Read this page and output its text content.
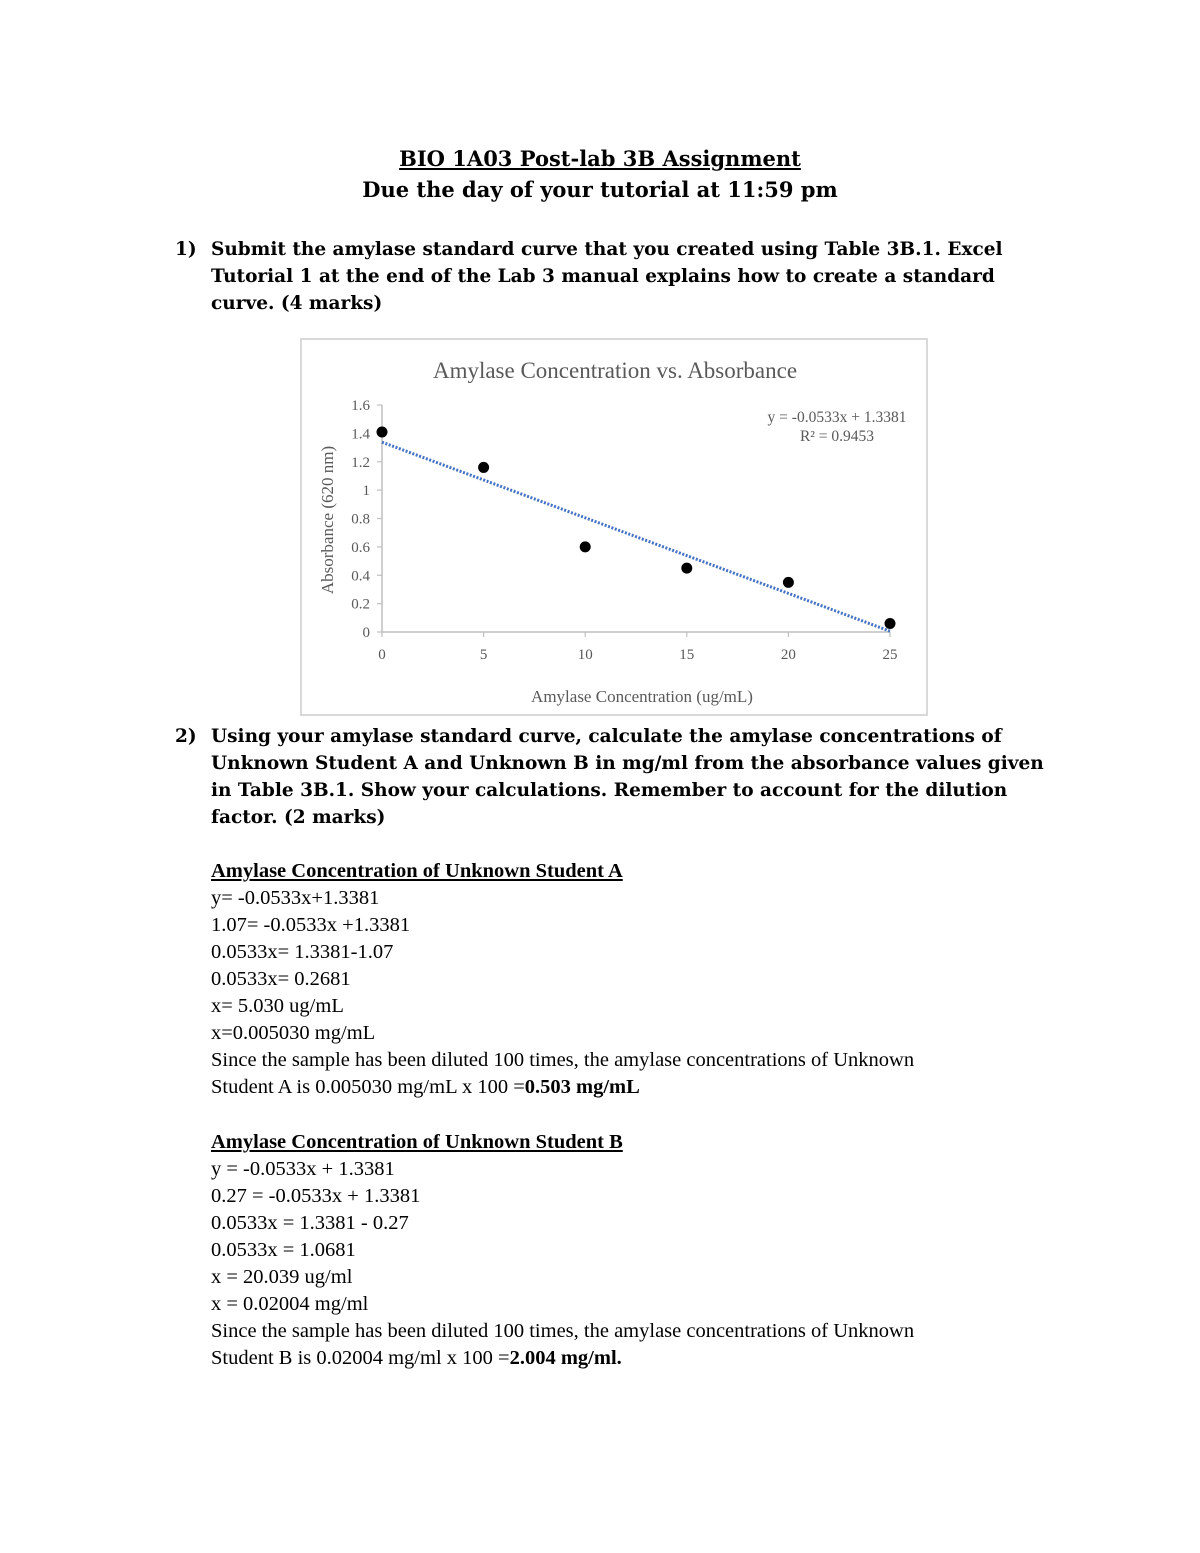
BIO 1A03 Post-lab 3B Assignment
Due the day of your tutorial at 11:59 pm
1) Submit the amylase standard curve that you created using Table 3B.1. Excel Tutorial 1 at the end of the Lab 3 manual explains how to create a standard curve. (4 marks)
Amylase Concentration vs. Absorbance
y = -0.0533x + 1.3381
R² = 0.9453
Amylase Concentration (ug/mL)
Absorbance (620 nm)
0
0.2
0.4
0.6
0.8
1
1.2
1.4
1.6
0	5	10	15	20	25
2) Using your amylase standard curve, calculate the amylase concentrations of Unknown Student A and Unknown B in mg/ml from the absorbance values given in Table 3B.1. Show your calculations. Remember to account for the dilution factor. (2 marks)
Amylase Concentration of Unknown Student A
y= -0.0533x+1.3381
1.07= -0.0533x +1.3381
0.0533x= 1.3381-1.07
0.0533x= 0.2681
x= 5.030 ug/mL
x=0.005030 mg/mL
Since the sample has been diluted 100 times, the amylase concentrations of Unknown
Student A is 0.005030 mg/mL x 100 =0.503 mg/mL
Amylase Concentration of Unknown Student B
y = -0.0533x + 1.3381
0.27 = -0.0533x + 1.3381
0.0533x = 1.3381 - 0.27
0.0533x = 1.0681
x = 20.039 ug/ml
x = 0.02004 mg/ml
Since the sample has been diluted 100 times, the amylase concentrations of Unknown
Student B is 0.02004 mg/ml x 100 =2.004 mg/ml.
